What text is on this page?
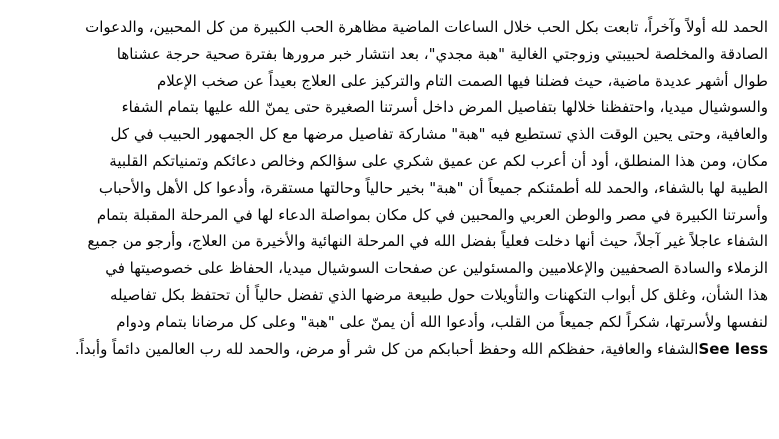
الحمد لله أولاً وآخراً، تابعت بكل الحب خلال الساعات الماضية مظاهرة الحب الكبيرة من كل المحبين، والدعوات
الصادقة والمخلصة لحبيبتي وزوجتي الغالية "هبة مجدي"، بعد انتشار خبر مرورها بفترة صحية حرجة عشناها
طوال أشهر عديدة ماضية، حيث فضلنا فيها الصمت التام والتركيز على العلاج بعيداً عن صخب الإعلام
والسوشيال ميديا، واحتفظنا خلالها بتفاصيل المرض داخل أسرتنا الصغيرة حتى يمنّ الله عليها بتمام الشفاء
والعافية، وحتى يحين الوقت الذي تستطيع فيه "هبة" مشاركة تفاصيل مرضها مع كل الجمهور الحبيب في كل
مكان، ومن هذا المنطلق، أود أن أعرب لكم عن عميق شكري على سؤالكم وخالص دعائكم وتمنياتكم القلبية
الطيبة لها بالشفاء، والحمد لله أطمئنكم جميعاً أن "هبة" بخير حالياً وحالتها مستقرة، وأدعوا كل الأهل والأحباب
وأسرتنا الكبيرة في مصر والوطن العربي والمحبين في كل مكان بمواصلة الدعاء لها في المرحلة المقبلة بتمام
الشفاء عاجلاً غير آجلاً، حيث أنها دخلت فعلياً بفضل الله في المرحلة النهائية والأخيرة من العلاج، وأرجو من جميع
الزملاء والسادة الصحفيين والإعلاميين والمسئولين عن صفحات السوشيال ميديا، الحفاظ على خصوصيتها في
هذا الشأن، وغلق كل أبواب التكهنات والتأويلات حول طبيعة مرضها الذي تفضل حالياً أن تحتفظ بكل تفاصيله
لنفسها ولأسرتها، شكراً لكم جميعاً من القلب، وأدعوا الله أن يمنّ على "هبة" وعلى كل مرضانا بتمام ودوام
الشفاء والعافية، حفظكم الله وحفظ أحبابكم من كل شر أو مرض، والحمد لله رب العالمين دائماً وأبداً. See less
